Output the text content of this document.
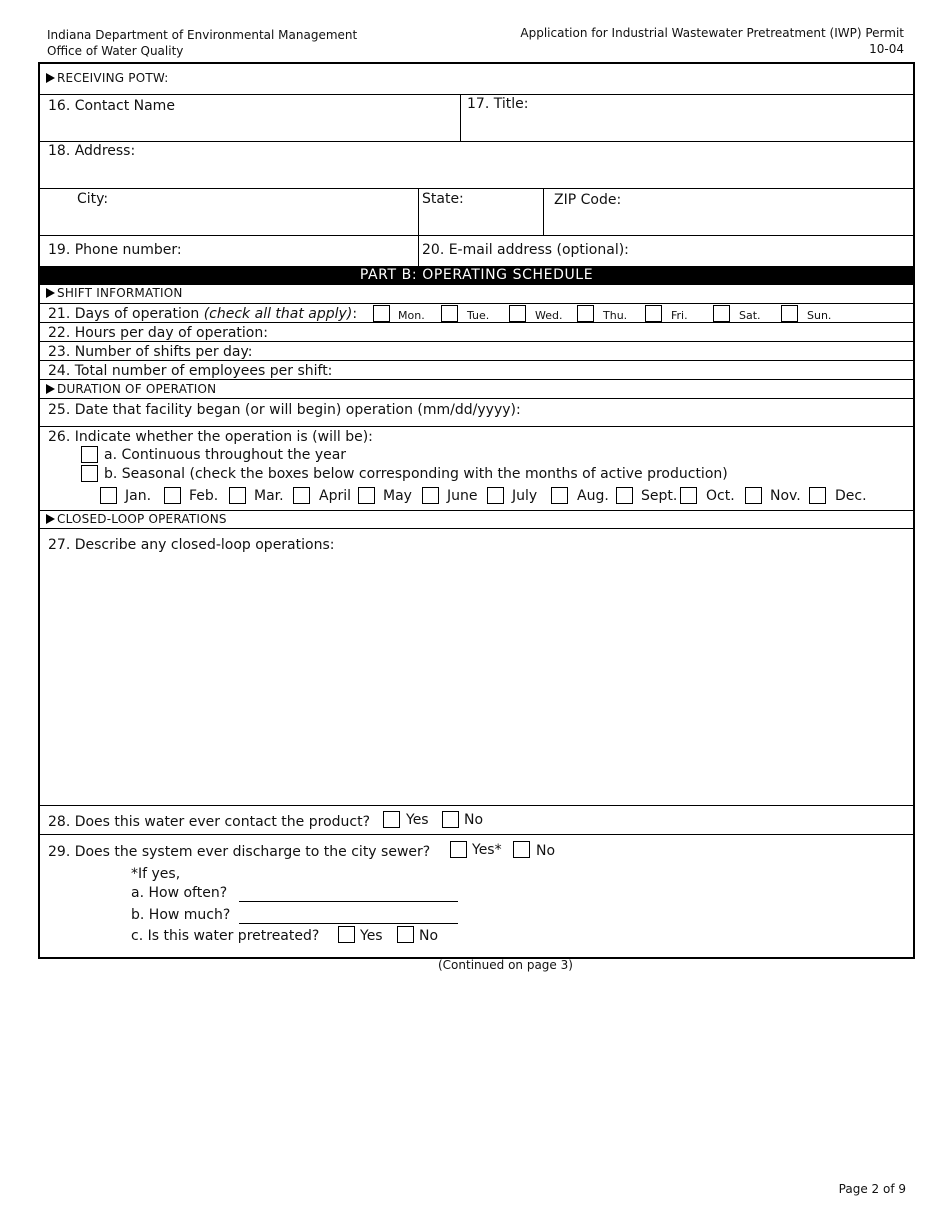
Indiana Department of Environmental Management
Office of Water Quality
Application for Industrial Wastewater Pretreatment (IWP) Permit
10-04
RECEIVING POTW:
16. Contact Name	17. Title:
18. Address:
City:	State:	ZIP Code:
19. Phone number:	20. E-mail address (optional):
PART B: OPERATING SCHEDULE
SHIFT INFORMATION
21. Days of operation (check all that apply):	Mon.	Tue.	Wed.	Thu.	Fri.	Sat.	Sun.
22. Hours per day of operation:
23. Number of shifts per day:
24. Total number of employees per shift:
DURATION OF OPERATION
25. Date that facility began (or will begin) operation (mm/dd/yyyy):
26. Indicate whether the operation is (will be):
a. Continuous throughout the year
b. Seasonal (check the boxes below corresponding with the months of active production)
Jan.	Feb.	Mar.	April May	June July	Aug. Sept. Oct.	Nov. Dec.
CLOSED-LOOP OPERATIONS
27. Describe any closed-loop operations:
28. Does this water ever contact the product?	Yes	No
29. Does the system ever discharge to the city sewer?	Yes* No
*If yes,
a. How often?
b. How much?
c. Is this water pretreated?	Yes	No
(Continued on page 3)
Page 2 of 9
